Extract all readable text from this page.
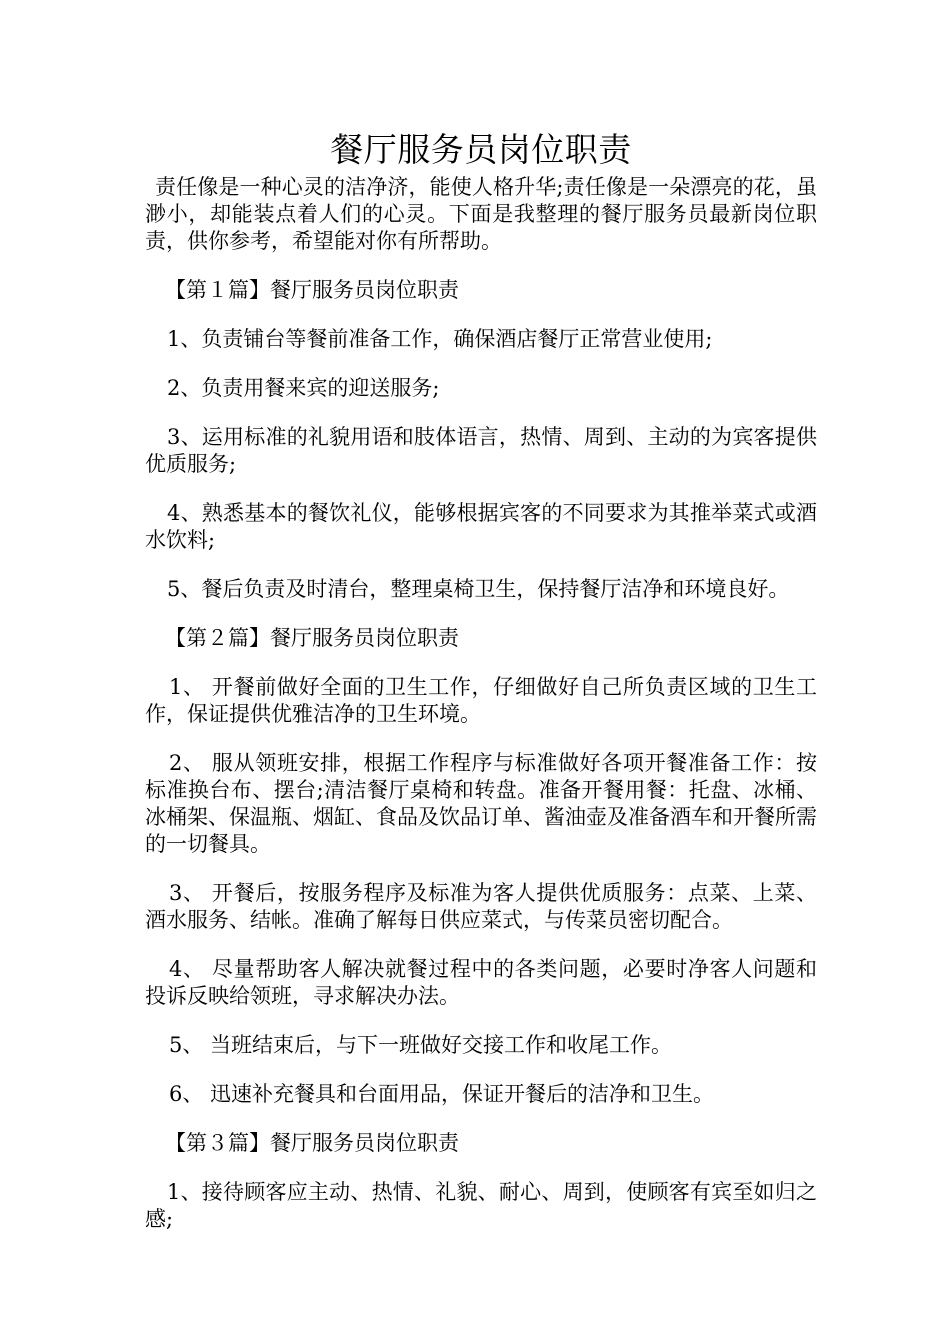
餐厅服务员岗位职责

责任像是一种心灵的洁净济，能使人格升华;责任像是一朵漂亮的花，虽渺小，却能装点着人们的心灵。下面是我整理的餐厅服务员最新岗位职责，供你参考，希望能对你有所帮助。

【第１篇】餐厅服务员岗位职责

1、负责铺台等餐前准备工作，确保酒店餐厅正常营业使用;

2、负责用餐来宾的迎送服务;

3、运用标准的礼貌用语和肢体语言，热情、周到、主动的为宾客提供优质服务;

4、熟悉基本的餐饮礼仪，能够根据宾客的不同要求为其推举菜式或酒水饮料;

5、餐后负责及时清台，整理桌椅卫生，保持餐厅洁净和环境良好。

【第２篇】餐厅服务员岗位职责

1、 开餐前做好全面的卫生工作，仔细做好自己所负责区域的卫生工作，保证提供优雅洁净的卫生环境。

2、 服从领班安排，根据工作程序与标准做好各项开餐准备工作：按标准换台布、摆台;清洁餐厅桌椅和转盘。准备开餐用餐：托盘、冰桶、冰桶架、保温瓶、烟缸、食品及饮品订单、酱油壶及准备酒车和开餐所需的一切餐具。

3、 开餐后，按服务程序及标准为客人提供优质服务：点菜、上菜、酒水服务、结帐。准确了解每日供应菜式，与传菜员密切配合。

4、 尽量帮助客人解决就餐过程中的各类问题，必要时净客人问题和投诉反映给领班，寻求解决办法。

5、 当班结束后，与下一班做好交接工作和收尾工作。

6、 迅速补充餐具和台面用品，保证开餐后的洁净和卫生。

【第３篇】餐厅服务员岗位职责

1、接待顾客应主动、热情、礼貌、耐心、周到，使顾客有宾至如归之感;
